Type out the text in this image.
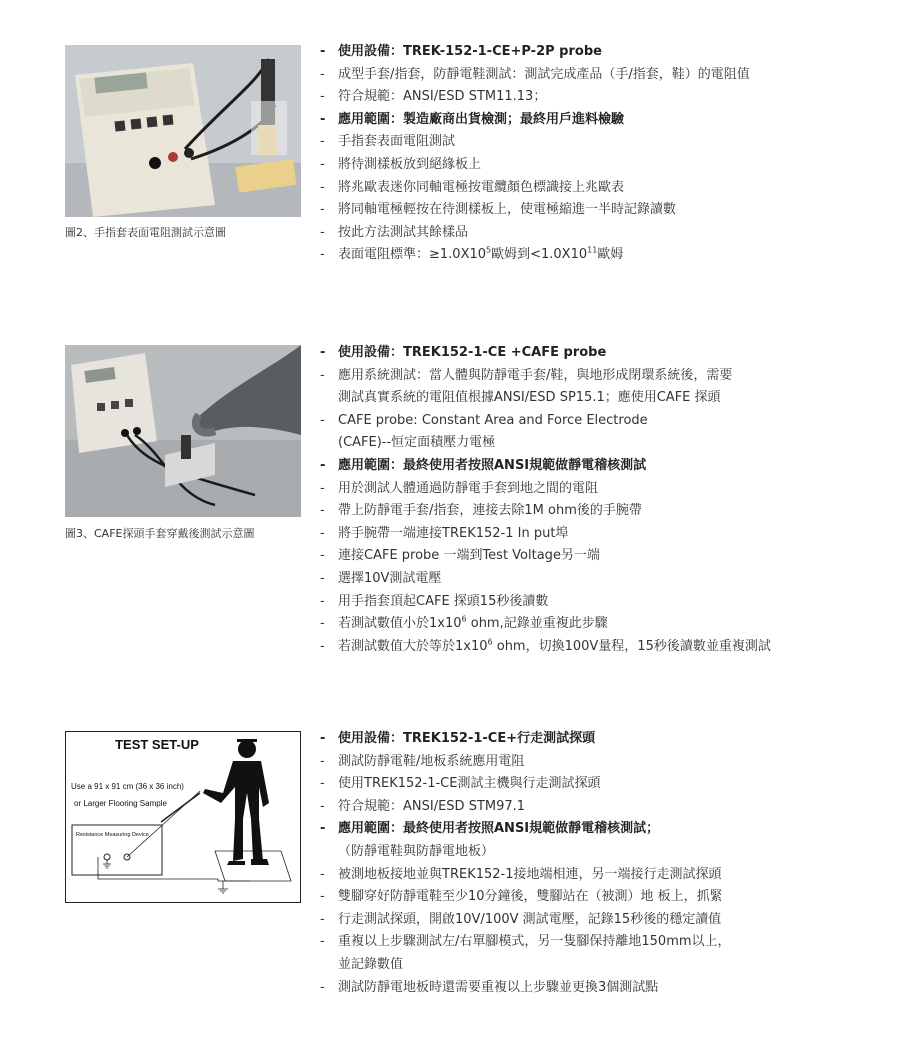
圖2、手指套表面電阻測試示意圖
- 使用設備：TREK-152-1-CE+P-2P probe
- 成型手套/指套，防靜電鞋測試：測試完成產品（手/指套，鞋）的電阻值
- 符合規範：ANSI/ESD STM11.13；
- 應用範圍：製造廠商出貨檢測；最終用戶進料檢驗
- 手指套表面電阻測試
- 將待測樣板放到絕緣板上
- 將兆歐表迷你同軸電極按電纜顏色標識接上兆歐表
- 將同軸電極輕按在待測樣板上，使電極縮進一半時記錄讀數
- 按此方法測試其餘樣品
- 表面電阻標準：$\ge 1.0X10^5$歐姆到$<1.0X10^{11}$歐姆
圖3、CAFE探頭手套穿戴後測試示意圖
- 使用設備：TREK152-1-CE +CAFE probe
- 應用系統測試：當人體與防靜電手套/鞋，與地形成閉環系統後，需要
測試真實系統的電阻值根據ANSI/ESD SP15.1；應使用CAFE 探頭
- CAFE probe: Constant Area and Force Electrode
(CAFE)--恒定面積壓力電極
- 應用範圍：最終使用者按照ANSI規範做靜電稽核測試
- 用於測試人體通過防靜電手套到地之間的電阻
- 帶上防靜電手套/指套，連接去除1M ohm後的手腕帶
- 將手腕帶一端連接TREK152-1 In put埠
- 連接CAFE probe 一端到Test Voltage另一端
- 選擇10V測試電壓
- 用手指套頂起CAFE 探頭15秒後讀數
- 若測試數值小於$1x10^6$ ohm,記錄並重複此步驟
- 若測試數值大於等於$1x10^6$ ohm，切換100V量程，15秒後讀數並重複測試
TEST SET-UP
Use a 91 x 91 cm (36 x 36 inch)
or Larger Flooring Sample
Resistance Measuring Device
- 使用設備：TREK152-1-CE+行走測試探頭
- 測試防靜電鞋/地板系統應用電阻
- 使用TREK152-1-CE測試主機與行走測試探頭
- 符合規範：ANSI/ESD STM97.1
- 應用範圍：最終使用者按照ANSI規範做靜電稽核測試；
（防靜電鞋與防靜電地板）
- 被測地板接地並與TREK152-1接地端相連，另一端接行走測試探頭
- 雙腳穿好防靜電鞋至少10分鐘後，雙腳站在（被測）地 板上，抓緊
- 行走測試探頭，開啟10V/100V 測試電壓，記錄15秒後的穩定讀值
- 重複以上步驟測試左/右單腳模式，另一隻腳保持離地150mm以上，
並記錄數值
- 測試防靜電地板時還需要重複以上步驟並更換3個測試點
